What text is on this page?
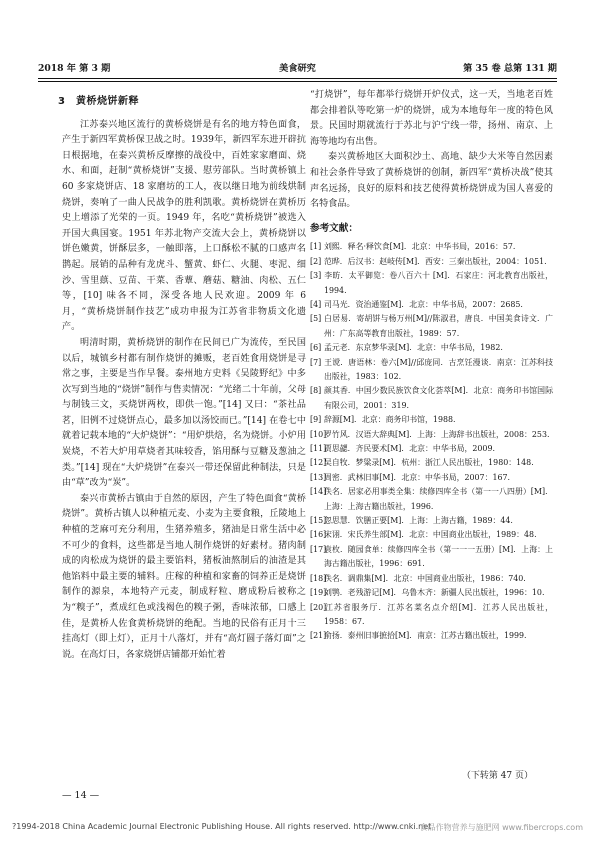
2018 年 第 3 期	美食研究	第 35 卷 总第 131 期
3 黄桥烧饼新释

江苏泰兴地区流行的黄桥烧饼是有名的地方特色面食，产生于新四军黄桥保卫战之时。1939年，新四军东进开辟抗日根据地，在泰兴黄桥反摩擦的战役中，百姓家家磨面、烧水、和面，赶制“黄桥烧饼”支援、慰劳部队。当时黄桥镇上 60 多家烧饼店、18 家磨坊的工人，夜以继日地为前线烘制烧饼，奏响了一曲人民战争的胜利凯歌。黄桥烧饼在黄桥历史上增添了光荣的一页。1949 年，名吃“黄桥烧饼”被选入开国大典国宴。1951 年苏北物产交流大会上，黄桥烧饼以饼色嫩黄，饼酥层多，一触即落，上口酥松不腻的口感声名鹊起。展销的品种有龙虎斗、蟹黄、虾仁、火腿、枣泥、细沙、雪里蕻、豆苗、干菜、香蕈、蘑菇、糖油、肉松、五仁等，[10] 味各不同，深受各地人民欢迎。2009 年 6 月，“黄桥烧饼制作技艺”成功申报为江苏省非物质文化遗产。

明清时期，黄桥烧饼的制作在民间已广为流传，至民国以后，城镇乡村都有制作烧饼的摊贩，老百姓食用烧饼是寻常之事，主要是当作早餐。泰州地方史料《吴陵野纪》中多次写到当地的“烧饼”制作与售卖情况：“光绪二十年前，父母与制钱三文，买烧饼两枚，即供一饱。”[14] 又曰：“茶社品茗，旧例不过烧饼点心，最多加以汤饺而已。”[14] 在卷七中就着记载本地的“大炉烧饼”：“用炉烘焙，名为烧饼。小炉用炭烧，不若大炉用草烧者其味较香，馅用酥与豆糖及葱油之类。”[14] 现在“大炉烧饼”在泰兴一带还保留此种制法，只是由“草”改为“炭”。

泰兴市黄桥古镇由于自然的原因，产生了特色面食“黄桥烧饼”。黄桥古镇人以种植元麦、小麦为主要食粮，丘陵地上种植的芝麻可充分利用，生猪养殖多，猪油是日常生活中必不可少的食料，这些都是当地人制作烧饼的好素材。猪肉制成的肉松成为烧饼的最主要馅料，猪板油熬制后的油渣是其他馅料中最主要的辅料。庄稼的种植和家畜的饲养正是烧饼制作的源泉，本地特产元麦，制成籽粒、磨成粉后被称之为“糗子”，煮成红色或浅褐色的糗子粥，香味浓郁，口感上佳，是黄桥人佐食黄桥烧饼的绝配。当地的民俗有正月十三挂高灯（即上灯），正月十八落灯，并有“高灯圆子落灯面”之说。在高灯日，各家烧饼店铺都开始忙着

“打烧饼”，每年都举行烧饼开炉仪式，这一天，当地老百姓都会排着队等吃第一炉的烧饼，成为本地每年一度的特色风景。民国时期就流行于苏北与沪宁线一带，扬州、南京、上海等地均有出售。

泰兴黄桥地区大面积沙土、高地、缺少大米等自然因素和社会条件导致了黄桥烧饼的创制，新四军“黄桥决战”使其声名远扬，良好的原料和技艺使得黄桥烧饼成为国人喜爱的名特食品。

参考文献：
[1] 刘熙．释名·释饮食[M]．北京：中华书局，2016：57.
[2] 范晔．后汉书：赵岐传[M]．西安：三秦出版社，2004：1051.
[3] 李昉．太平御览：卷八百六十 [M]．石家庄：河北教育出版社，1994.
[4] 司马光．资治通鉴[M]．北京：中华书局，2007：2685.
[5] 白居易．寄胡饼与杨万州[M]//陈淑君，唐良．中国美食诗文．广州：广东高等教育出版社，1989：57.
[6] 孟元老．东京梦华录[M]．北京：中华书局，1982.
[7] 王谠．唐语林：卷六[M]//邱庞同．古烹饪漫谈．南京：江苏科技出版社，1983：102.
[8] 颜其香．中国少数民族饮食文化荟萃[M]．北京：商务印书馆国际有限公司，2001：319.
[9] 辞源[M]．北京：商务印书馆，1988.
[10]罗竹风．汉语大辞典[M]．上海：上海辞书出版社，2008：253.
[11]贾思勰．齐民要术[M]．北京：中华书局，2009.
[12]吴自牧．梦粱录[M]．杭州：浙江人民出版社，1980：148.
[13]周密．武林旧事[M]．北京：中华书局，2007：167.
[14]佚名．居家必用事类全集：续修四库全书（第一一八四册）[M]．上海：上海古籍出版社，1996.
[15]忽思慧．饮膳正要[M]．上海：上海古籍，1989：44.
[16]宋诩．宋氏养生部[M]．北京：中国商业出版社，1989：48.
[17]袁枚．随园食单：续修四库全书（第一一一五册）[M]．上海：上海古籍出版社，1996：691.
[18]佚名．调鼎集[M]．北京：中国商业出版社，1986：740.
[19]刘鹗．老残游记[M]．乌鲁木齐：新疆人民出版社，1996：10.
[20]江苏省服务厅．江苏名菜名点介绍[M]．江苏人民出版社，1958：67.
[21]俞扬．泰州旧事摭拾[M]．南京：江苏古籍出版社，1999.
（下转第 47 页）
— 14 —
?1994-2018 China Academic Journal Electronic Publishing House. All rights reserved. http://www.cnki.net
食品作物营养与施肥网 www.fibercrops.com
